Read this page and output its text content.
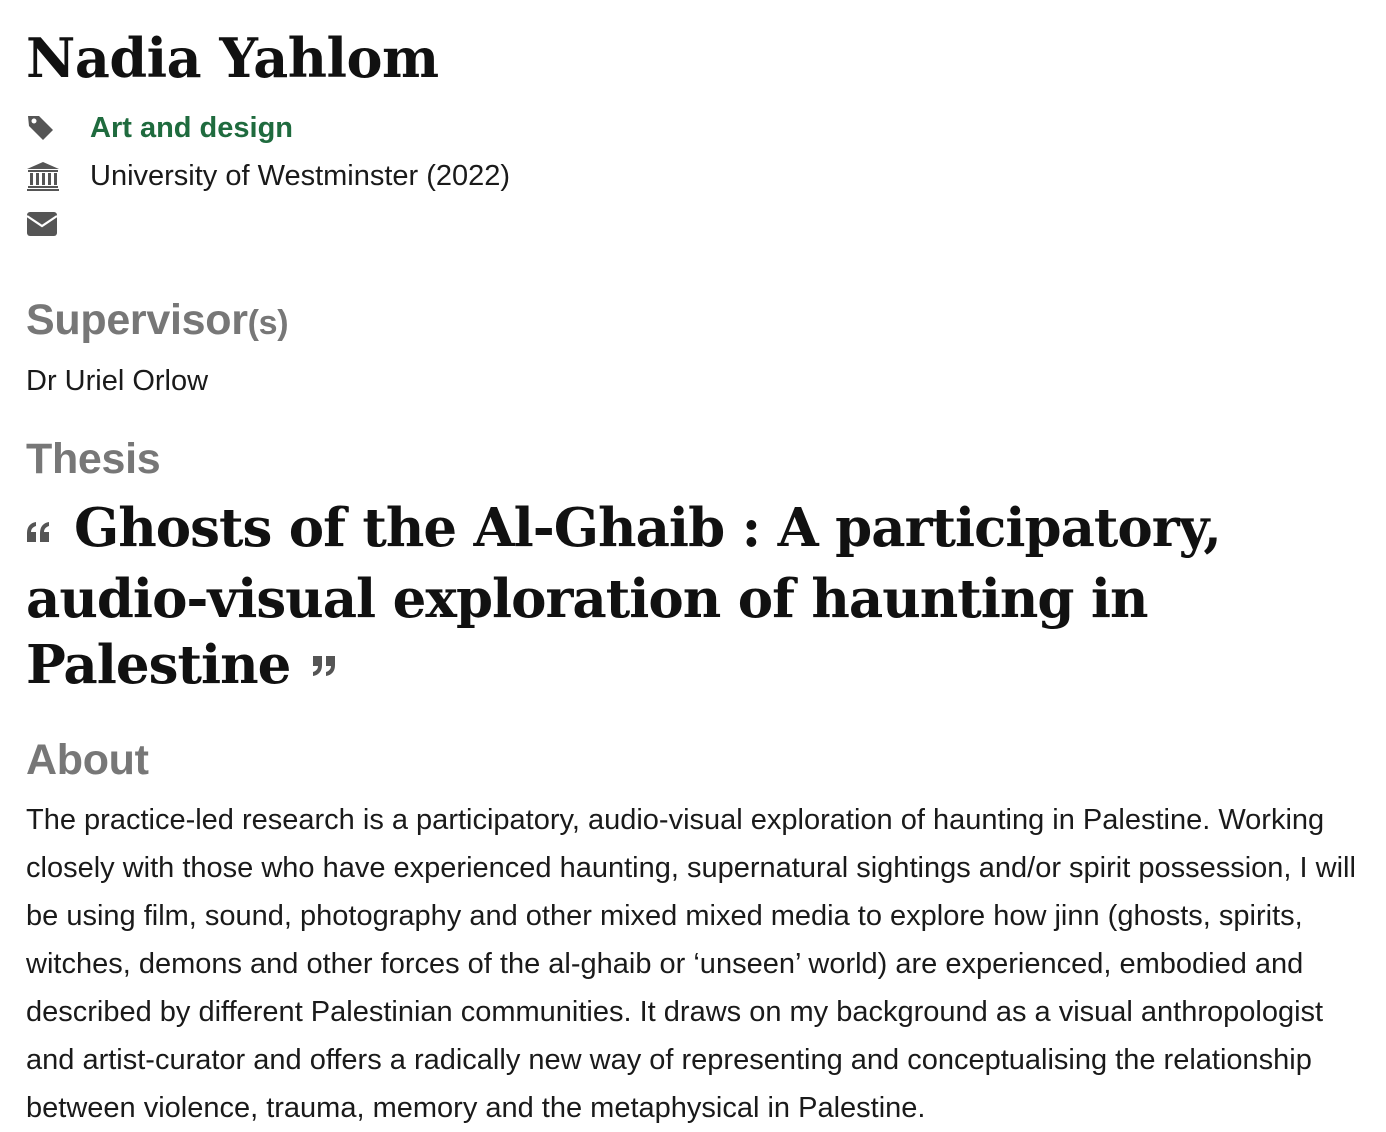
Nadia Yahlom
Art and design
University of Westminster (2022)
Supervisor(s)
Dr Uriel Orlow
Thesis
Ghosts of the Al-Ghaib : A participatory, audio-visual exploration of haunting in Palestine
About

The practice-led research is a participatory, audio-visual exploration of haunting in Palestine. Working closely with those who have experienced haunting, supernatural sightings and/or spirit possession, I will be using film, sound, photography and other mixed mixed media to explore how jinn (ghosts, spirits, witches, demons and other forces of the al-ghaib or ‘unseen’ world) are experienced, embodied and described by different Palestinian communities. It draws on my background as a visual anthropologist and artist-curator and offers a radically new way of representing and conceptualising the relationship between violence, trauma, memory and the metaphysical in Palestine.
